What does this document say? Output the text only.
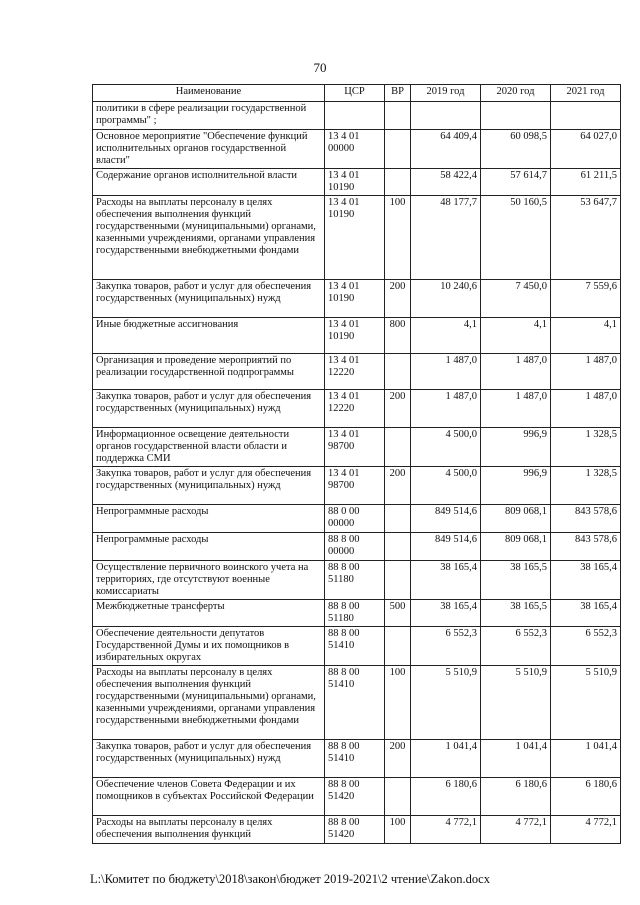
70
Наименование	ЦСР	ВР	2019 год	2020 год	2021 год
политики в сфере реализации государственной программы" ;					
Основное мероприятие "Обеспечение функций исполнительных органов государственной власти"	13 4 01 00000		64 409,4	60 098,5	64 027,0
Содержание органов исполнительной власти	13 4 01 10190		58 422,4	57 614,7	61 211,5
Расходы на выплаты персоналу в целях обеспечения выполнения функций государственными (муниципальными) органами, казенными учреждениями, органами управления государственными внебюджетными фондами	13 4 01 10190	100	48 177,7	50 160,5	53 647,7
Закупка товаров, работ и услуг для обеспечения государственных (муниципальных) нужд	13 4 01 10190	200	10 240,6	7 450,0	7 559,6
Иные бюджетные ассигнования	13 4 01 10190	800	4,1	4,1	4,1
Организация и проведение мероприятий по реализации государственной подпрограммы	13 4 01 12220		1 487,0	1 487,0	1 487,0
Закупка товаров, работ и услуг для обеспечения государственных (муниципальных) нужд	13 4 01 12220	200	1 487,0	1 487,0	1 487,0
Информационное освещение деятельности органов государственной власти области и поддержка СМИ	13 4 01 98700		4 500,0	996,9	1 328,5
Закупка товаров, работ и услуг для обеспечения государственных (муниципальных) нужд	13 4 01 98700	200	4 500,0	996,9	1 328,5
Непрограммные расходы	88 0 00 00000		849 514,6	809 068,1	843 578,6
Непрограммные расходы	88 8 00 00000		849 514,6	809 068,1	843 578,6
Осуществление первичного воинского учета на территориях, где отсутствуют военные комиссариаты	88 8 00 51180		38 165,4	38 165,5	38 165,4
Межбюджетные трансферты	88 8 00 51180	500	38 165,4	38 165,5	38 165,4
Обеспечение деятельности депутатов Государственной Думы и их помощников в избирательных округах	88 8 00 51410		6 552,3	6 552,3	6 552,3
Расходы на выплаты персоналу в целях обеспечения выполнения функций государственными (муниципальными) органами, казенными учреждениями, органами управления государственными внебюджетными фондами	88 8 00 51410	100	5 510,9	5 510,9	5 510,9
Закупка товаров, работ и услуг для обеспечения государственных (муниципальных) нужд	88 8 00 51410	200	1 041,4	1 041,4	1 041,4
Обеспечение членов Совета Федерации и их помощников в субъектах Российской Федерации	88 8 00 51420		6 180,6	6 180,6	6 180,6
Расходы на выплаты персоналу в целях обеспечения выполнения функций	88 8 00 51420	100	4 772,1	4 772,1	4 772,1
L:\Комитет по бюджету\2018\закон\бюджет 2019-2021\2 чтение\Zakon.docx
